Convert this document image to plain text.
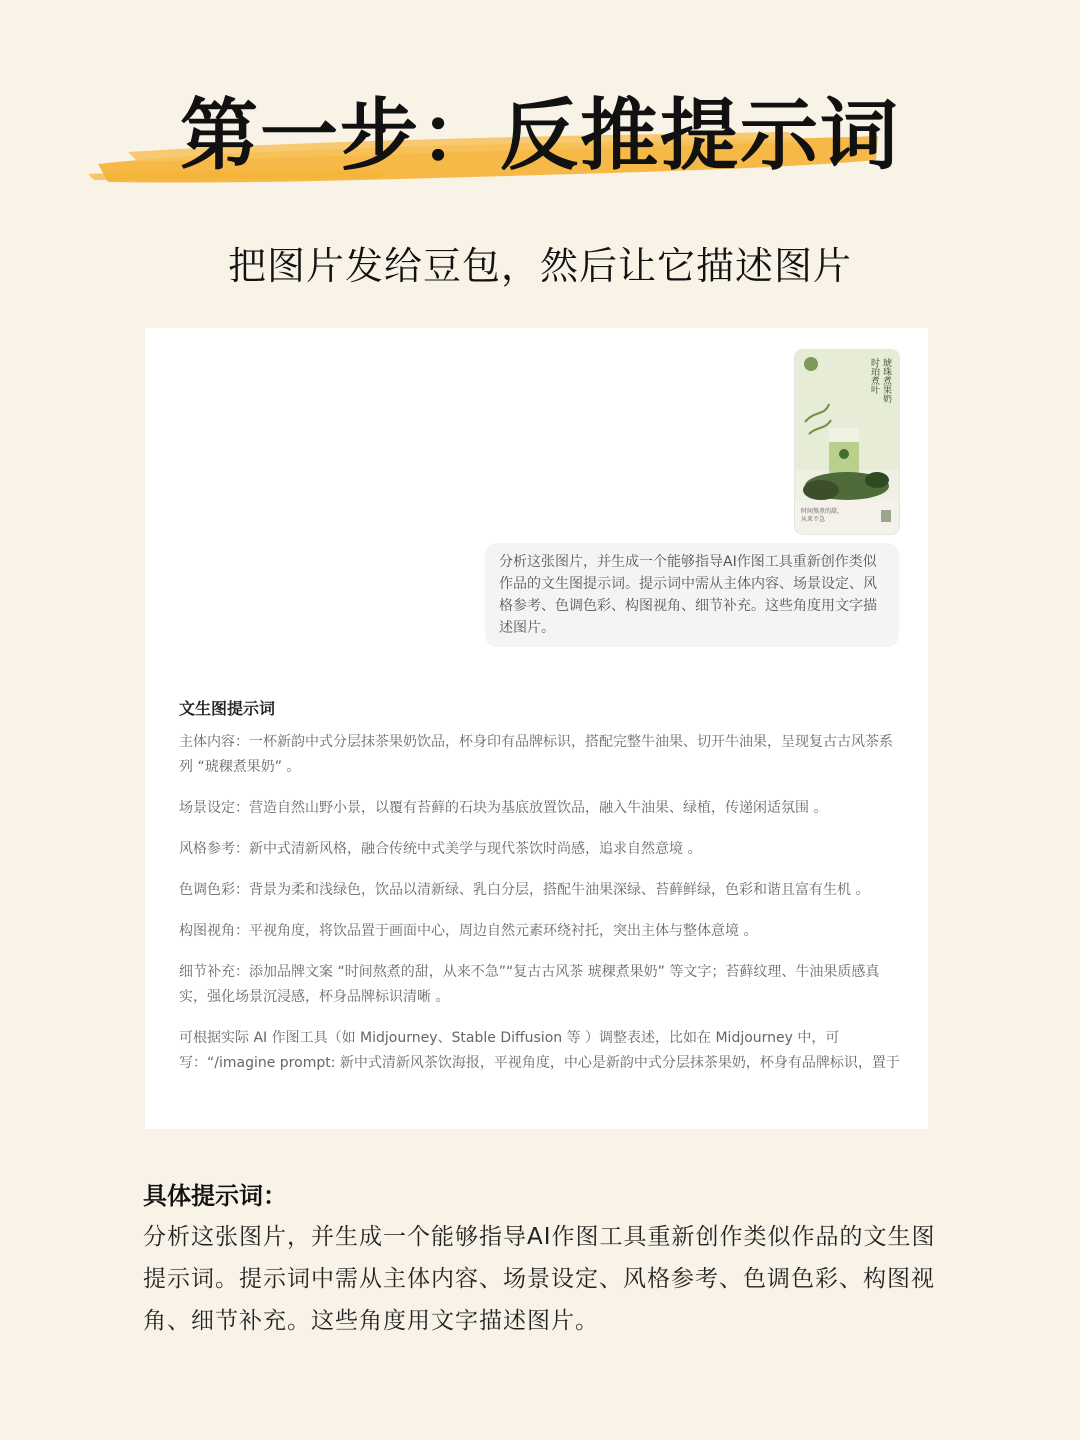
第一步：反推提示词
把图片发给豆包，然后让它描述图片
琥珠煮果奶
时珀煮叶
时间熬煮的甜，
从来不急
分析这张图片，并生成一个能够指导AI作图工具重新创作类似作品的文生图提示词。提示词中需从主体内容、场景设定、风格参考、色调色彩、构图视角、细节补充。这些角度用文字描述图片。
文生图提示词

主体内容：一杯新韵中式分层抹茶果奶饮品，杯身印有品牌标识，搭配完整牛油果、切开牛油果，呈现复古古风茶系列 “琥稞煮果奶” 。

场景设定：营造自然山野小景，以覆有苔藓的石块为基底放置饮品，融入牛油果、绿植，传递闲适氛围 。

风格参考：新中式清新风格，融合传统中式美学与现代茶饮时尚感，追求自然意境 。

色调色彩：背景为柔和浅绿色，饮品以清新绿、乳白分层，搭配牛油果深绿、苔藓鲜绿，色彩和谐且富有生机 。

构图视角：平视角度，将饮品置于画面中心，周边自然元素环绕衬托，突出主体与整体意境 。

细节补充：添加品牌文案 “时间熬煮的甜，从来不急”“复古古风茶 琥稞煮果奶” 等文字；苔藓纹理、牛油果质感真实，强化场景沉浸感，杯身品牌标识清晰 。

可根据实际 AI 作图工具（如 Midjourney、Stable Diffusion 等 ）调整表述，比如在 Midjourney 中，可写：“/imagine prompt: 新中式清新风茶饮海报，平视角度，中心是新韵中式分层抹茶果奶，杯身有品牌标识，置于

具体提示词：
分析这张图片，并生成一个能够指导AI作图工具重新创作类似作品的文生图提示词。提示词中需从主体内容、场景设定、风格参考、色调色彩、构图视角、细节补充。这些角度用文字描述图片。
